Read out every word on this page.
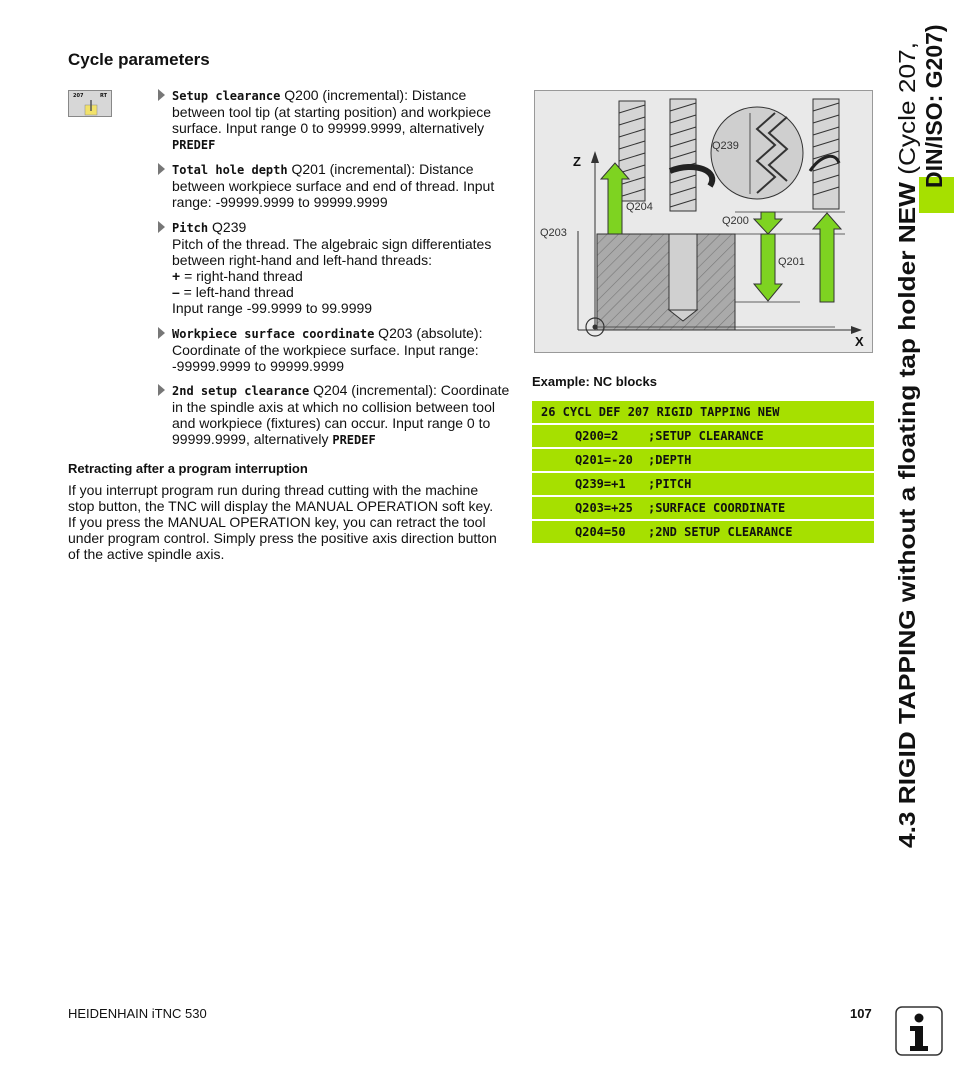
Cycle parameters
207	RT	Setup clearance Q200 (incremental): Distance
between tool tip (at starting position) and workpiece
surface. Input range 0 to 99999.9999, alternatively
PREDEF
Total hole depth Q201 (incremental): Distance
between workpiece surface and end of thread. Input
range: -99999.9999 to 99999.9999
Pitch Q239
Pitch of the thread. The algebraic sign differentiates
between right-hand and left-hand threads:
+ = right-hand thread
– = left-hand thread
Input range -99.9999 to 99.9999
Workpiece surface coordinate Q203 (absolute):
Coordinate of the workpiece surface. Input range:
-99999.9999 to 99999.9999
2nd setup clearance Q204 (incremental): Coordinate
in the spindle axis at which no collision between tool
and workpiece (fixtures) can occur. Input range 0 to
99999.9999, alternatively PREDEF
Retracting after a program interruption
If you interrupt program run during thread cutting with the machine
stop button, the TNC will display the MANUAL OPERATION soft key.
If you press the MANUAL OPERATION key, you can retract the tool
under program control. Simply press the positive axis direction button
of the active spindle axis.
Z
X
Q239
Q204
Q200
Q203
Q201
Example: NC blocks
26 CYCL DEF 207 RIGID TAPPING NEW
Q200=2 ;SETUP CLEARANCE
Q201=-20 ;DEPTH
Q239=+1 ;PITCH
Q203=+25 ;SURFACE COORDINATE
Q204=50 ;2ND SETUP CLEARANCE
4.3 RIGID TAPPING without a floating tap holder NEW (Cycle 207, DIN/ISO: G207)
HEIDENHAIN iTNC 530	107
